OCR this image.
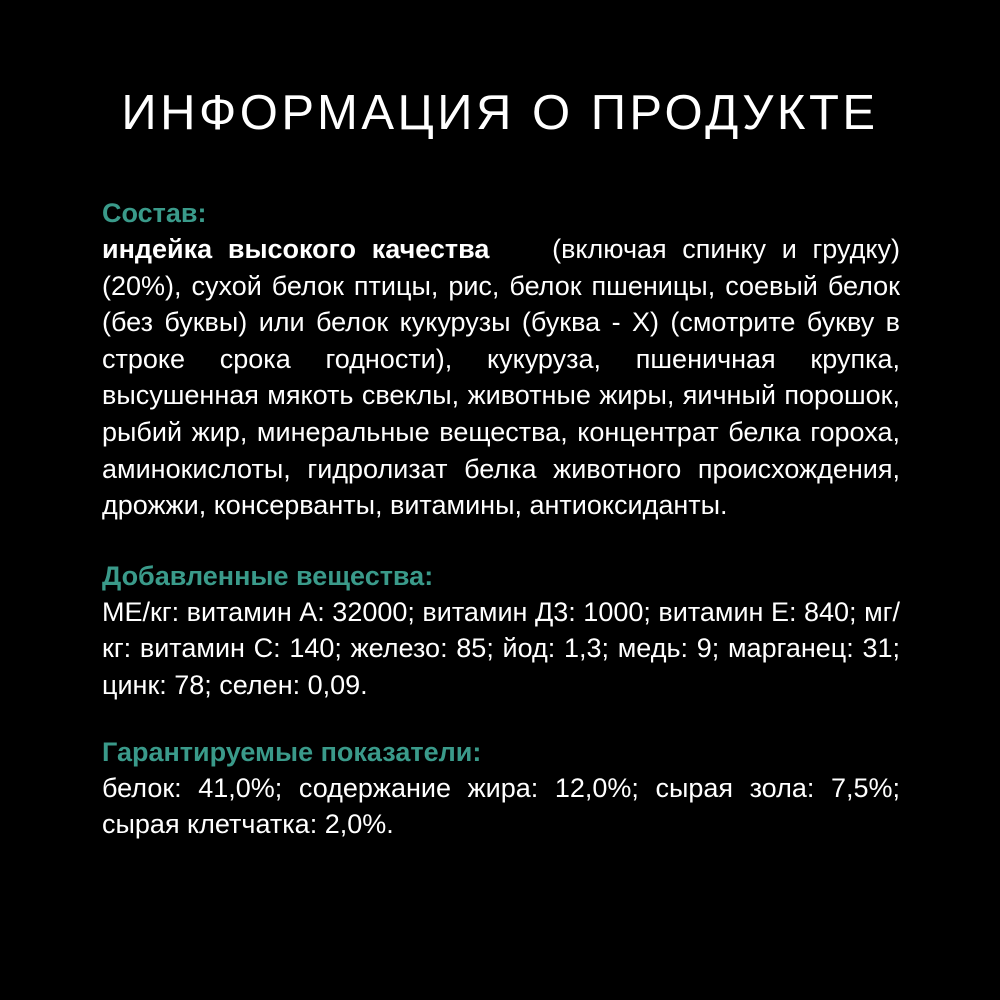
ИНФОРМАЦИЯ О ПРОДУКТЕ

Состав:

индейка высокого качества (включая спинку и грудку) (20%), сухой белок птицы, рис, белок пшеницы, соевый белок (без буквы) или белок кукурузы (буква - X) (смотрите букву в строке срока годности), кукуруза, пшеничная крупка, высушенная мякоть свеклы, животные жиры, яичный порошок, рыбий жир, минеральные вещества, концентрат белка гороха, аминокислоты, гидролизат белка животного происхождения, дрожжи, консерванты, витамины, антиоксиданты.

Добавленные вещества:

МЕ/кг: витамин А: 32000; витамин Д3: 1000; витамин Е: 840; мг/кг: витамин С: 140; железо: 85; йод: 1,3; медь: 9; марганец: 31; цинк: 78; селен: 0,09.

Гарантируемые показатели:

белок: 41,0%; содержание жира: 12,0%; сырая зола: 7,5%; сырая клетчатка: 2,0%.
